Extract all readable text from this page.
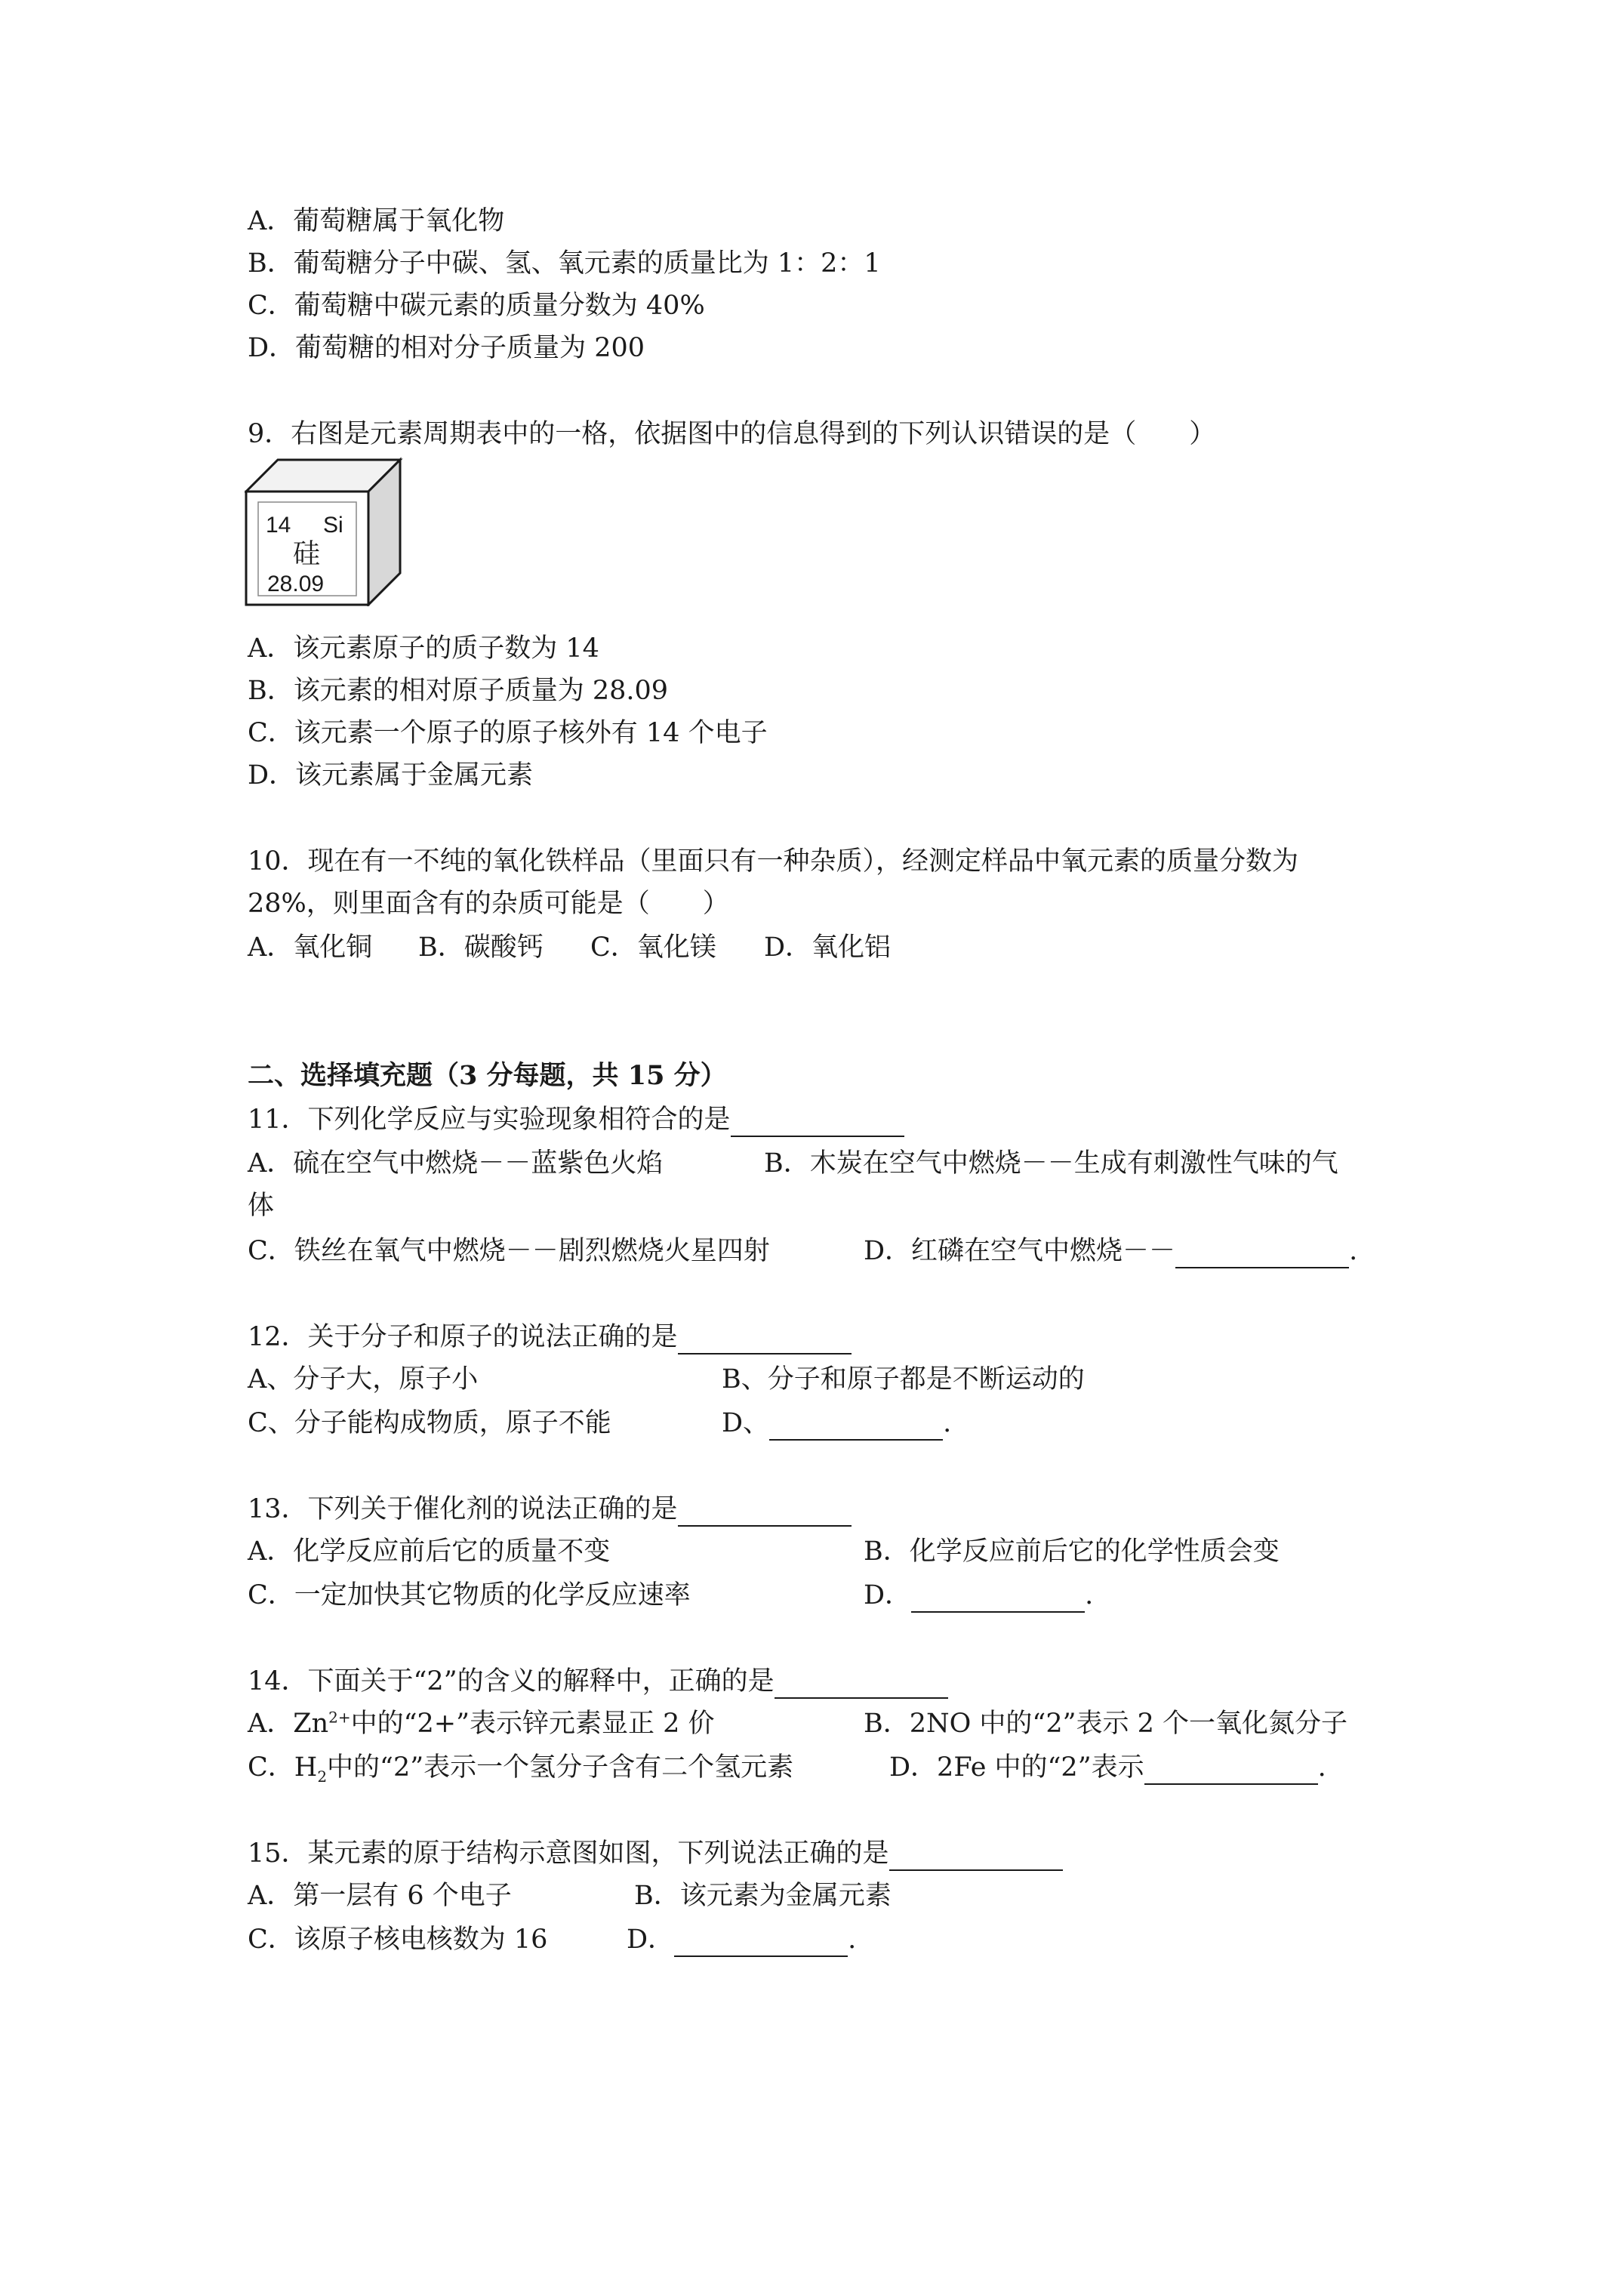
A．葡萄糖属于氧化物
B．葡萄糖分子中碳、氢、氧元素的质量比为 1：2：1
C．葡萄糖中碳元素的质量分数为 40%
D．葡萄糖的相对分子质量为 200
9．右图是元素周期表中的一格，依据图中的信息得到的下列认识错误的是（　　）
14 Si
硅
28.09
A．该元素原子的质子数为 14
B．该元素的相对原子质量为 28.09
C．该元素一个原子的原子核外有 14 个电子
D．该元素属于金属元素
10．现在有一不纯的氧化铁样品（里面只有一种杂质），经测定样品中氧元素的质量分数为
28%，则里面含有的杂质可能是（　　）
A．氧化铜 B．碳酸钙 C．氧化镁 D．氧化铝
二、选择填充题（3 分每题，共 15 分）
11．下列化学反应与实验现象相符合的是
A．硫在空气中燃烧－－蓝紫色火焰	B．木炭在空气中燃烧－－生成有刺激性气味的气
体
C．铁丝在氧气中燃烧－－剧烈燃烧火星四射	D．红磷在空气中燃烧－－	.
12．关于分子和原子的说法正确的是
A、分子大，原子小	B、分子和原子都是不断运动的
C、分子能构成物质，原子不能	D、	.
13．下列关于催化剂的说法正确的是
A．化学反应前后它的质量不变	B．化学反应前后它的化学性质会变
C．一定加快其它物质的化学反应速率	D．	.
14．下面关于“2”的含义的解释中，正确的是
A．$Zn^{2+}$中的“2+”表示锌元素显正 2 价	B．2NO 中的“2”表示 2 个一氧化氮分子
C．$H_2$中的“2”表示一个氢分子含有二个氢元素	D．2Fe 中的“2”表示	.
15．某元素的原于结构示意图如图，下列说法正确的是
A．第一层有 6 个电子	B．该元素为金属元素
C．该原子核电核数为 16	D．	.
